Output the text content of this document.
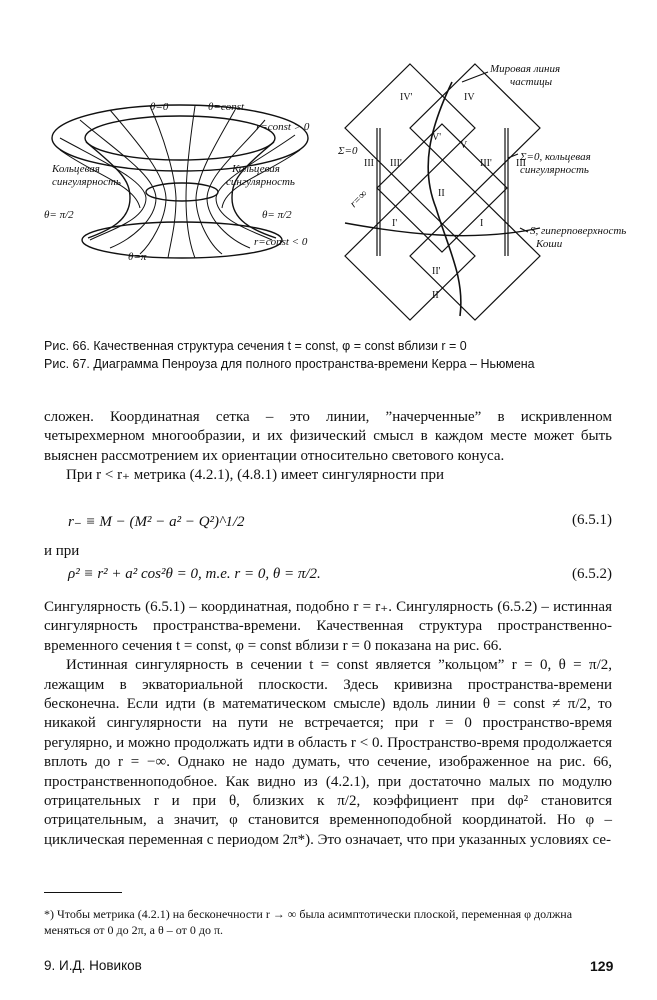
θ=0	θ=const
r=const > 0
Кольцевая сингулярность
Кольцевая сингулярность
θ= π/2	θ= π/2
r=const < 0
θ=π
IV'	IV
V'
V
III III'	III' III
II
I'	I
II'
II
Мировая линия частицы
Σ=0	Σ=0, кольцевая сингулярность
S, гиперповерхность Коши
r=∞
Рис. 66. Качественная структура сечения t = const, φ = const вблизи r = 0
Рис. 67. Диаграмма Пенроуза для полного пространства-времени Керра – Ньюмена

сложен. Координатная сетка – это линии, ”начерченные” в искривленном четырехмерном многообразии, и их физический смысл в каждом месте может быть выяснен рассмотрением их ориентации относительно светового конуса.

При r < r₊ метрика (4.2.1), (4.8.1) имеет сингулярности при

r₋ ≡ M − (M² − a² − Q²)^1/2	(6.5.1)

и при

ρ² ≡ r² + a² cos²θ = 0, т.е. r = 0, θ = π/2.	(6.5.2)

Сингулярность (6.5.1) – координатная, подобно r = r₊. Сингулярность (6.5.2) – истинная сингулярность пространства-времени. Качественная структура пространственно-временного сечения t = const, φ = const вблизи r = 0 показана на рис. 66.

Истинная сингулярность в сечении t = const является ”кольцом” r = 0, θ = π/2, лежащим в экваториальной плоскости. Здесь кривизна пространства-времени бесконечна. Если идти (в математическом смысле) вдоль линии θ = const ≠ π/2, то никакой сингулярности на пути не встречается; при r = 0 пространство-время регулярно, и можно продолжать идти в область r < 0. Пространство-время продолжается вплоть до r = −∞. Однако не надо думать, что сечение, изображенное на рис. 66, пространственноподобное. Как видно из (4.2.1), при достаточно малых по модулю отрицательных r и при θ, близких к π/2, коэффициент при dφ² становится отрицательным, а значит, φ становится временноподобной координатой. Но φ – циклическая переменная с периодом 2π*). Это означает, что при указанных условиях се-

*) Чтобы метрика (4.2.1) на бесконечности r → ∞ была асимптотически плоской, переменная φ должна меняться от 0 до 2π, а θ – от 0 до π.
9. И.Д. Новиков	129
